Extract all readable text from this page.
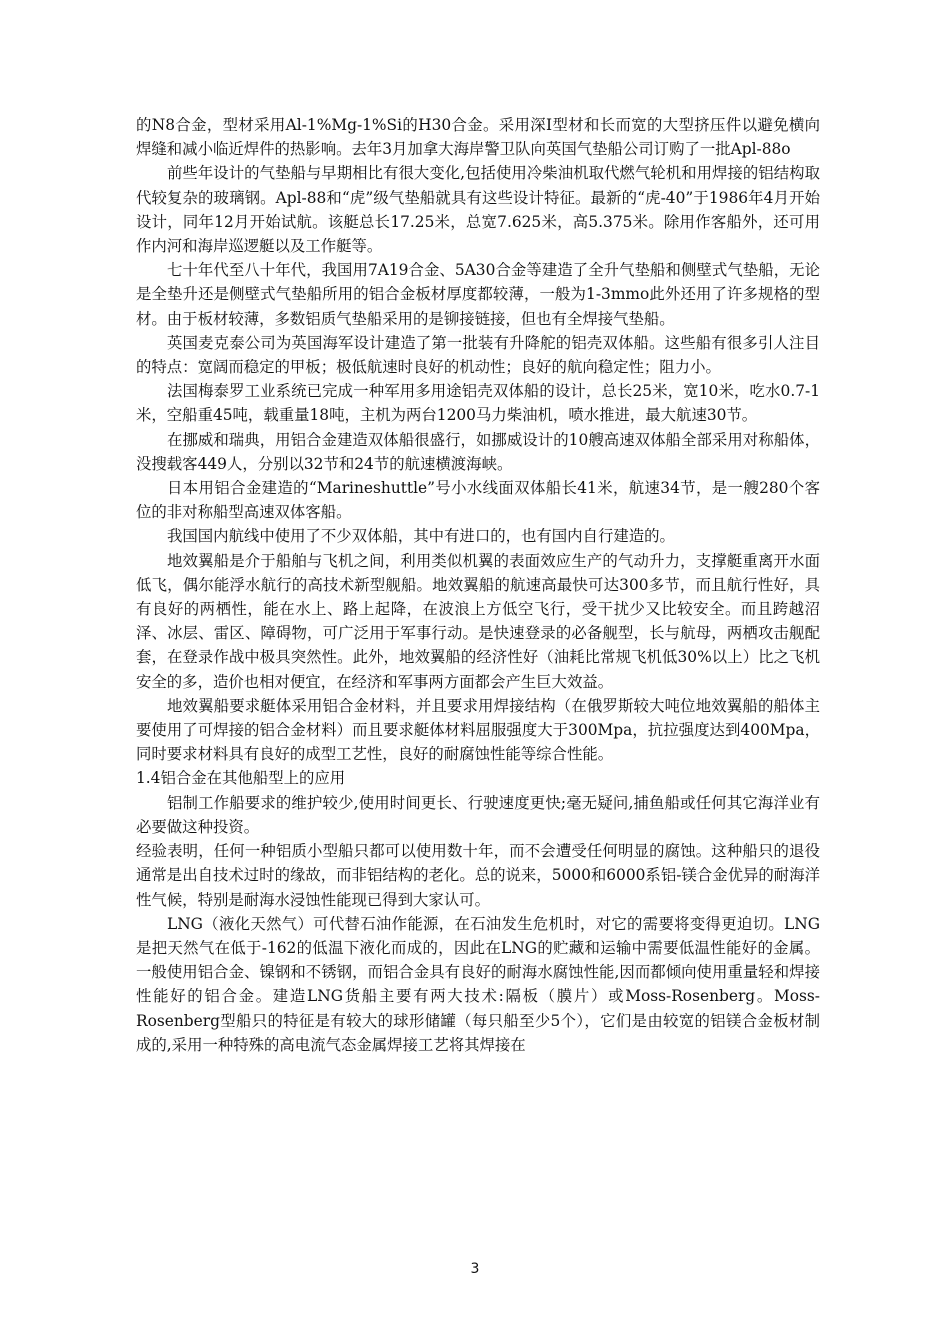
的N8合金，型材采用Al-1%Mg-1%Si的H30合金。采用深I型材和长而宽的大型挤压件以避免横向焊缝和减小临近焊件的热影响。去年3月加拿大海岸警卫队向英国气垫船公司订购了一批Apl-88o

前些年设计的气垫船与早期相比有很大变化,包括使用冷柴油机取代燃气轮机和用焊接的铝结构取代较复杂的玻璃钢。Apl-88和“虎”级气垫船就具有这些设计特征。最新的“虎-40”于1986年4月开始设计，同年12月开始试航。该艇总长17.25米，总宽7.625米，高5.375米。除用作客船外，还可用作内河和海岸巡逻艇以及工作艇等。

七十年代至八十年代，我国用7A19合金、5A30合金等建造了全升气垫船和侧壁式气垫船，无论是全垫升还是侧壁式气垫船所用的铝合金板材厚度都较薄，一般为1-3mmo此外还用了许多规格的型材。由于板材较薄，多数铝质气垫船采用的是铆接链接，但也有全焊接气垫船。

英国麦克泰公司为英国海军设计建造了第一批装有升降舵的铝壳双体船。这些船有很多引人注目的特点：宽阔而稳定的甲板；极低航速时良好的机动性；良好的航向稳定性；阻力小。

法国梅泰罗工业系统已完成一种军用多用途铝壳双体船的设计，总长25米，宽10米，吃水0.7-1米，空船重45吨，载重量18吨，主机为两台1200马力柴油机，喷水推进，最大航速30节。

在挪威和瑞典，用铝合金建造双体船很盛行，如挪威设计的10艘高速双体船全部采用对称船体，没搜载客449人，分别以32节和24节的航速横渡海峡。

日本用铝合金建造的“Marineshuttle”号小水线面双体船长41米，航速34节，是一艘280个客位的非对称船型高速双体客船。

我国国内航线中使用了不少双体船，其中有进口的，也有国内自行建造的。

地效翼船是介于船舶与飞机之间，利用类似机翼的表面效应生产的气动升力，支撑艇重离开水面低飞，偶尔能浮水航行的高技术新型舰船。地效翼船的航速高最快可达300多节，而且航行性好，具有良好的两栖性，能在水上、路上起降，在波浪上方低空飞行，受干扰少又比较安全。而且跨越沼泽、冰层、雷区、障碍物，可广泛用于军事行动。是快速登录的必备舰型，长与航母，两栖攻击舰配套，在登录作战中极具突然性。此外，地效翼船的经济性好（油耗比常规飞机低30%以上）比之飞机安全的多，造价也相对便宜，在经济和军事两方面都会产生巨大效益。

地效翼船要求艇体采用铝合金材料，并且要求用焊接结构（在俄罗斯较大吨位地效翼船的船体主要使用了可焊接的铝合金材料）而且要求艇体材料屈服强度大于300Mpa，抗拉强度达到400Mpa，同时要求材料具有良好的成型工艺性，良好的耐腐蚀性能等综合性能。

1.4铝合金在其他船型上的应用

铝制工作船要求的维护较少,使用时间更长、行驶速度更快;毫无疑问,捕鱼船或任何其它海洋业有必要做这种投资。

经验表明，任何一种铝质小型船只都可以使用数十年，而不会遭受任何明显的腐蚀。这种船只的退役通常是出自技术过时的缘故，而非铝结构的老化。总的说来，5000和6000系铝-镁合金优异的耐海洋性气候，特别是耐海水浸蚀性能现已得到大家认可。

LNG（液化天然气）可代替石油作能源，在石油发生危机时，对它的需要将变得更迫切。LNG是把天然气在低于-162的低温下液化而成的，因此在LNG的贮藏和运输中需要低温性能好的金属。一般使用铝合金、镍钢和不锈钢，而铝合金具有良好的耐海水腐蚀性能,因而都倾向使用重量轻和焊接性能好的铝合金。建造LNG货船主要有两大技术:隔板（膜片）或Moss-Rosenberg。Moss-Rosenberg型船只的特征是有较大的球形储罐（每只船至少5个），它们是由较宽的铝镁合金板材制成的,采用一种特殊的高电流气态金属焊接工艺将其焊接在

3
